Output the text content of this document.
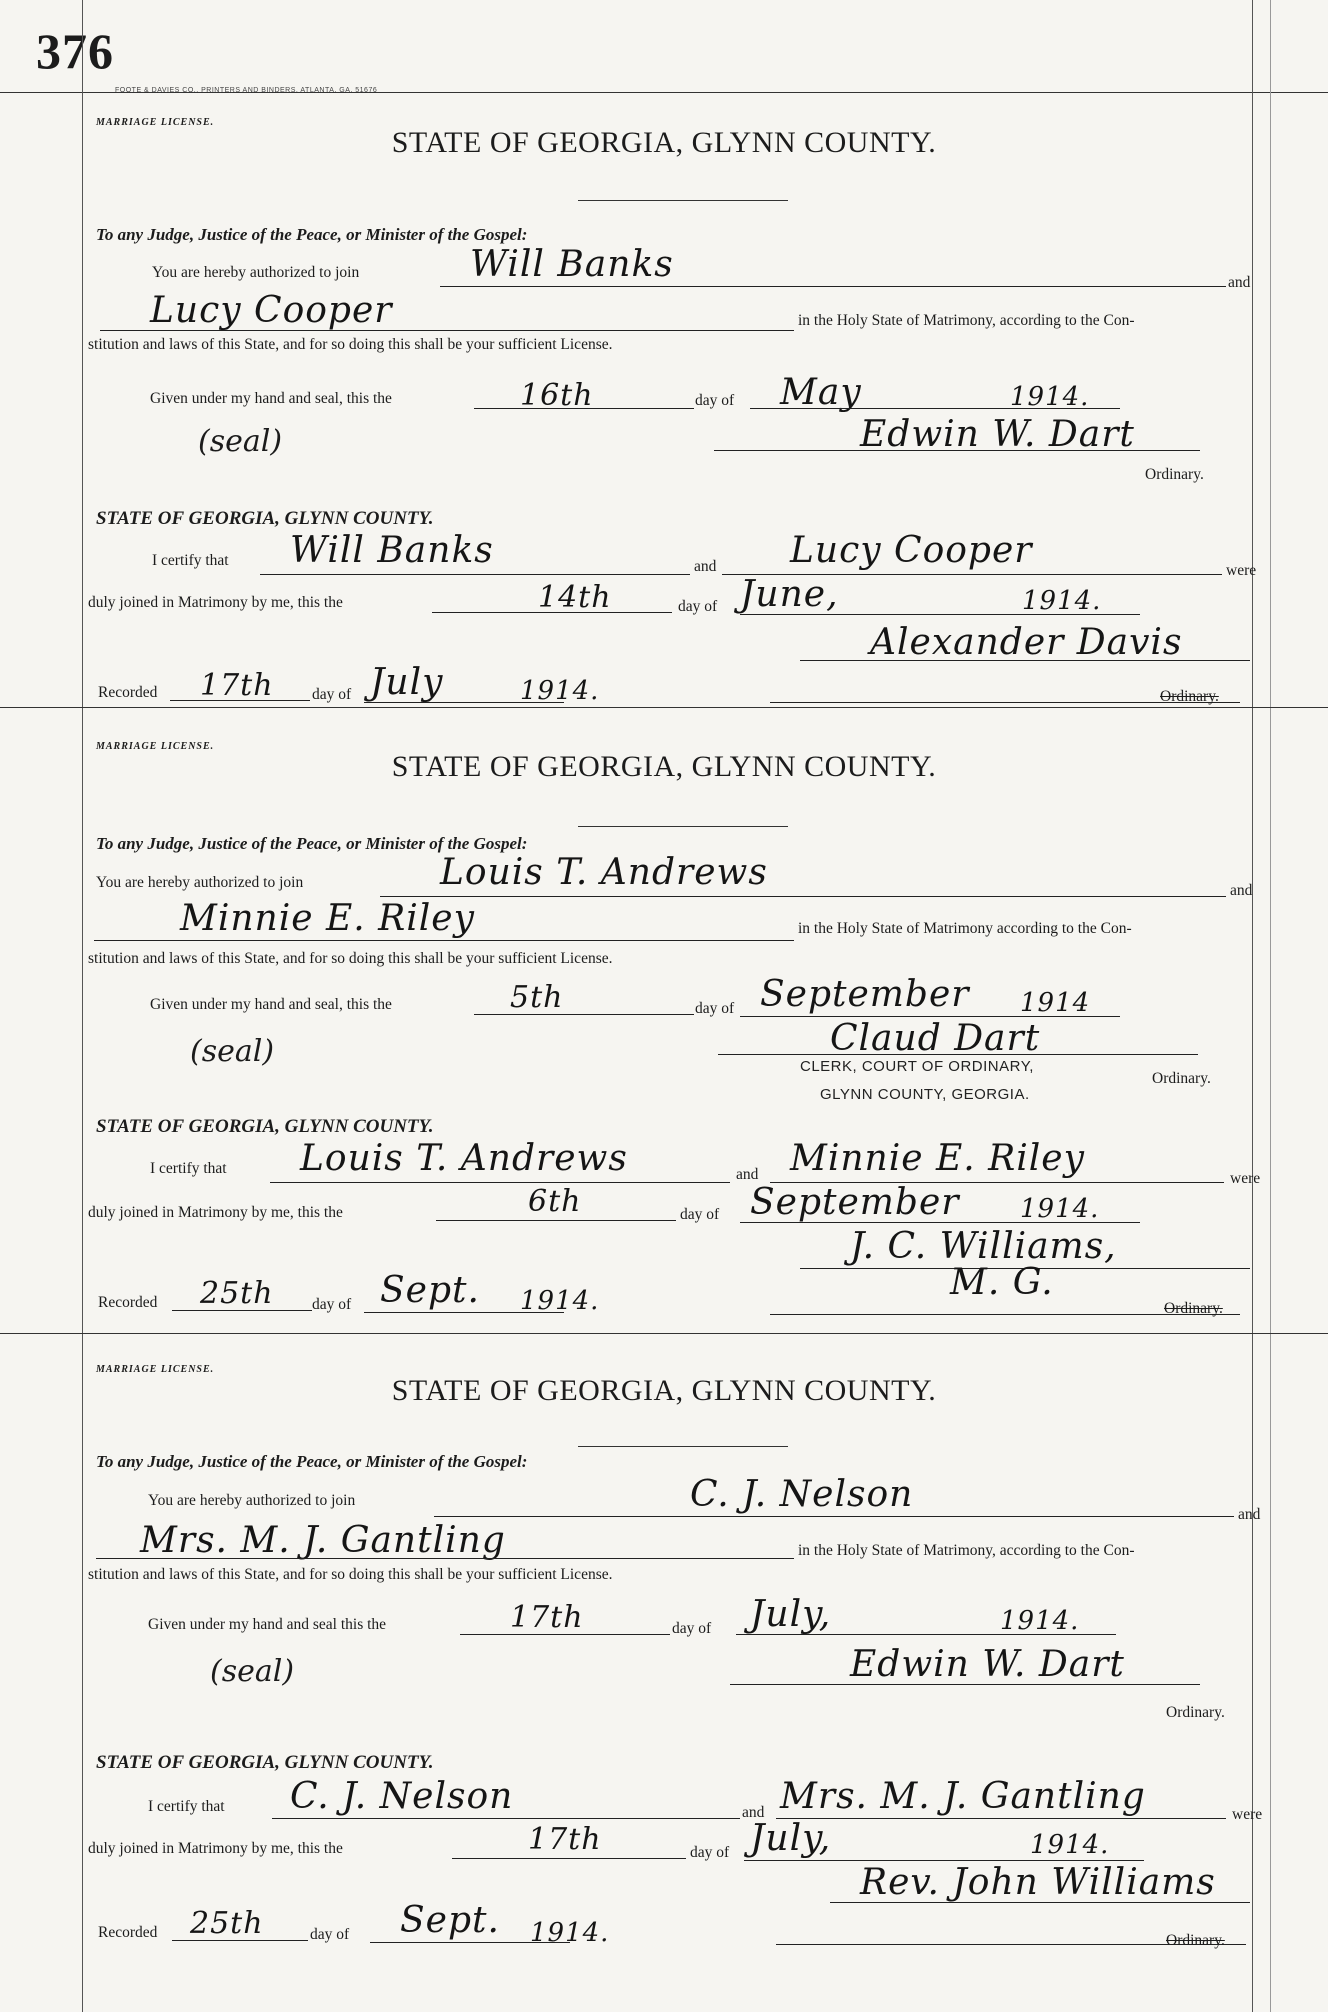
376
FOOTE & DAVIES CO., PRINTERS AND BINDERS, ATLANTA, GA. 51676
MARRIAGE LICENSE.
STATE OF GEORGIA, GLYNN COUNTY.
To any Judge, Justice of the Peace, or Minister of the Gospel:
You are hereby authorized to join	Will Banks	and
Lucy Cooper	in the Holy State of Matrimony, according to the Con-
stitution and laws of this State, and for so doing this shall be your sufficient License.
Given under my hand and seal, this the	16th	day of May	1914.
(seal)	Edwin W. Dart
Ordinary.
STATE OF GEORGIA, GLYNN COUNTY.
I certify that Will Banks	and Lucy Cooper	were
duly joined in Matrimony by me, this the	14th	day of June,	1914.
Alexander Davis
Recorded 17th day of July	1914.	Ordinary.
MARRIAGE LICENSE.
STATE OF GEORGIA, GLYNN COUNTY.
To any Judge, Justice of the Peace, or Minister of the Gospel:
You are hereby authorized to join	Louis T. Andrews	and
Minnie E. Riley	in the Holy State of Matrimony according to the Con-
stitution and laws of this State, and for so doing this shall be your sufficient License.
Given under my hand and seal, this the	5th	day of September 1914
(seal)	Claud Dart
CLERK, COURT OF ORDINARY,
GLYNN COUNTY, GEORGIA.
Ordinary.
STATE OF GEORGIA, GLYNN COUNTY.
I certify that Louis T. Andrews	and Minnie E. Riley	were
duly joined in Matrimony by me, this the	6th	day of September 1914.
J. C. Williams,
Recorded 25th day of Sept. 1914.	M. G.
Ordinary.
MARRIAGE LICENSE.
STATE OF GEORGIA, GLYNN COUNTY.
To any Judge, Justice of the Peace, or Minister of the Gospel:
You are hereby authorized to join	C. J. Nelson	and
Mrs. M. J. Gantling	in the Holy State of Matrimony, according to the Con-
stitution and laws of this State, and for so doing this shall be your sufficient License.
Given under my hand and seal this the	17th	day of July,	1914.
(seal)	Edwin W. Dart
Ordinary.
STATE OF GEORGIA, GLYNN COUNTY.
I certify that C. J. Nelson	and Mrs. M. J. Gantling	were
duly joined in Matrimony by me, this the	17th	day of July,	1914.
Rev. John Williams
Recorded 25th	day of Sept. 1914.	Ordinary.
